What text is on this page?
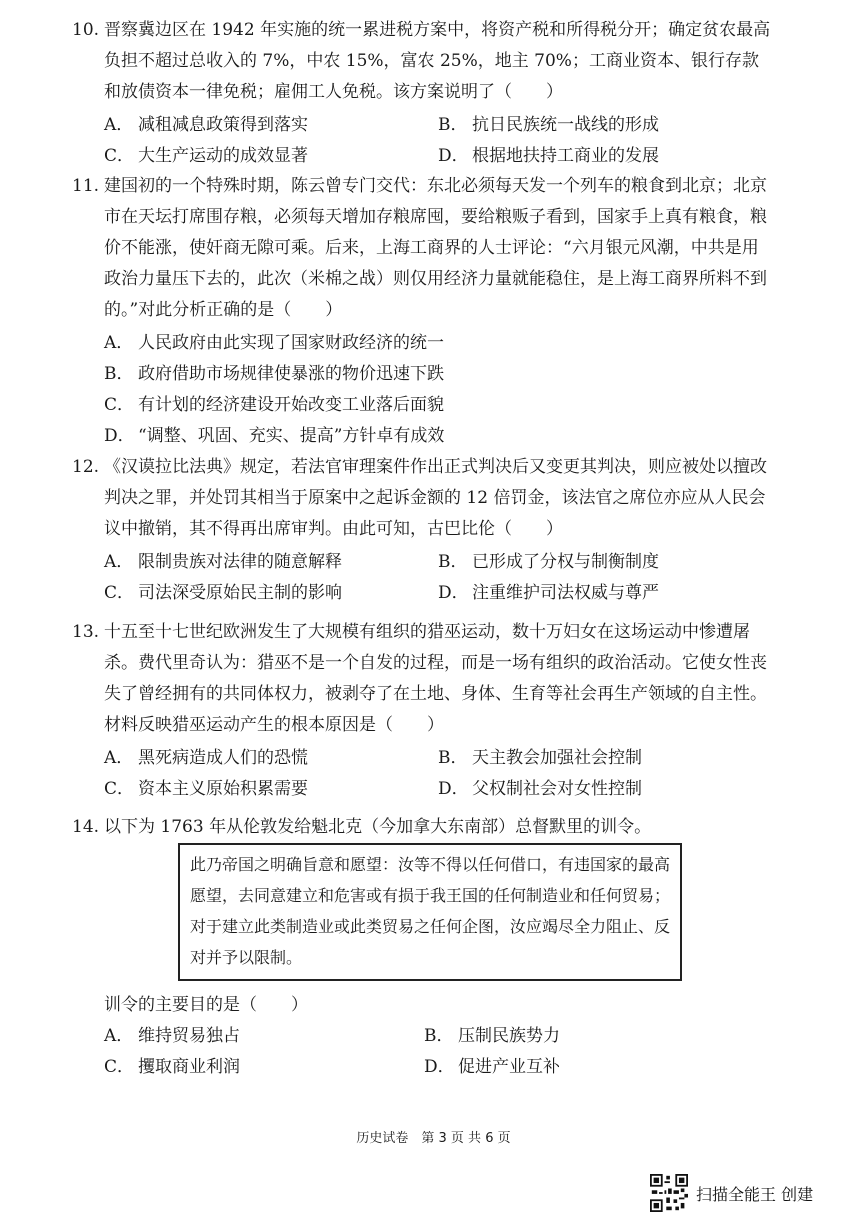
10. 晋察冀边区在 1942 年实施的统一累进税方案中，将资产税和所得税分开；确定贫农最高负担不超过总收入的 7%，中农 15%，富农 25%，地主 70%；工商业资本、银行存款和放债资本一律免税；雇佣工人免税。该方案说明了（　　）
A． 减租减息政策得到落实	B． 抗日民族统一战线的形成
C． 大生产运动的成效显著	D． 根据地扶持工商业的发展
11. 建国初的一个特殊时期，陈云曾专门交代：东北必须每天发一个列车的粮食到北京；北京市在天坛打席围存粮，必须每天增加存粮席囤，要给粮贩子看到，国家手上真有粮食，粮价不能涨，使奸商无隙可乘。后来，上海工商界的人士评论：“六月银元风潮，中共是用政治力量压下去的，此次（米棉之战）则仅用经济力量就能稳住，是上海工商界所料不到的。”对此分析正确的是（　　）
A． 人民政府由此实现了国家财政经济的统一
B． 政府借助市场规律使暴涨的物价迅速下跌
C． 有计划的经济建设开始改变工业落后面貌
D． “调整、巩固、充实、提高”方针卓有成效
12. 《汉谟拉比法典》规定，若法官审理案件作出正式判决后又变更其判决，则应被处以擅改判决之罪，并处罚其相当于原案中之起诉金额的 12 倍罚金，该法官之席位亦应从人民会议中撤销，其不得再出席审判。由此可知，古巴比伦（　　）
A． 限制贵族对法律的随意解释	B． 已形成了分权与制衡制度
C． 司法深受原始民主制的影响	D． 注重维护司法权威与尊严
13. 十五至十七世纪欧洲发生了大规模有组织的猎巫运动，数十万妇女在这场运动中惨遭屠杀。费代里奇认为：猎巫不是一个自发的过程，而是一场有组织的政治活动。它使女性丧失了曾经拥有的共同体权力，被剥夺了在土地、身体、生育等社会再生产领域的自主性。材料反映猎巫运动产生的根本原因是（　　）
A． 黑死病造成人们的恐慌	B． 天主教会加强社会控制
C． 资本主义原始积累需要	D． 父权制社会对女性控制
14. 以下为 1763 年从伦敦发给魁北克（今加拿大东南部）总督默里的训令。
此乃帝国之明确旨意和愿望：汝等不得以任何借口，有违国家的最高愿望，去同意建立和危害或有损于我王国的任何制造业和任何贸易；对于建立此类制造业或此类贸易之任何企图，汝应竭尽全力阻止、反对并予以限制。
训令的主要目的是（　　）
A． 维持贸易独占	B． 压制民族势力
C． 攫取商业利润	D． 促进产业互补
历史试卷　第 3 页 共 6 页
扫描全能王 创建
